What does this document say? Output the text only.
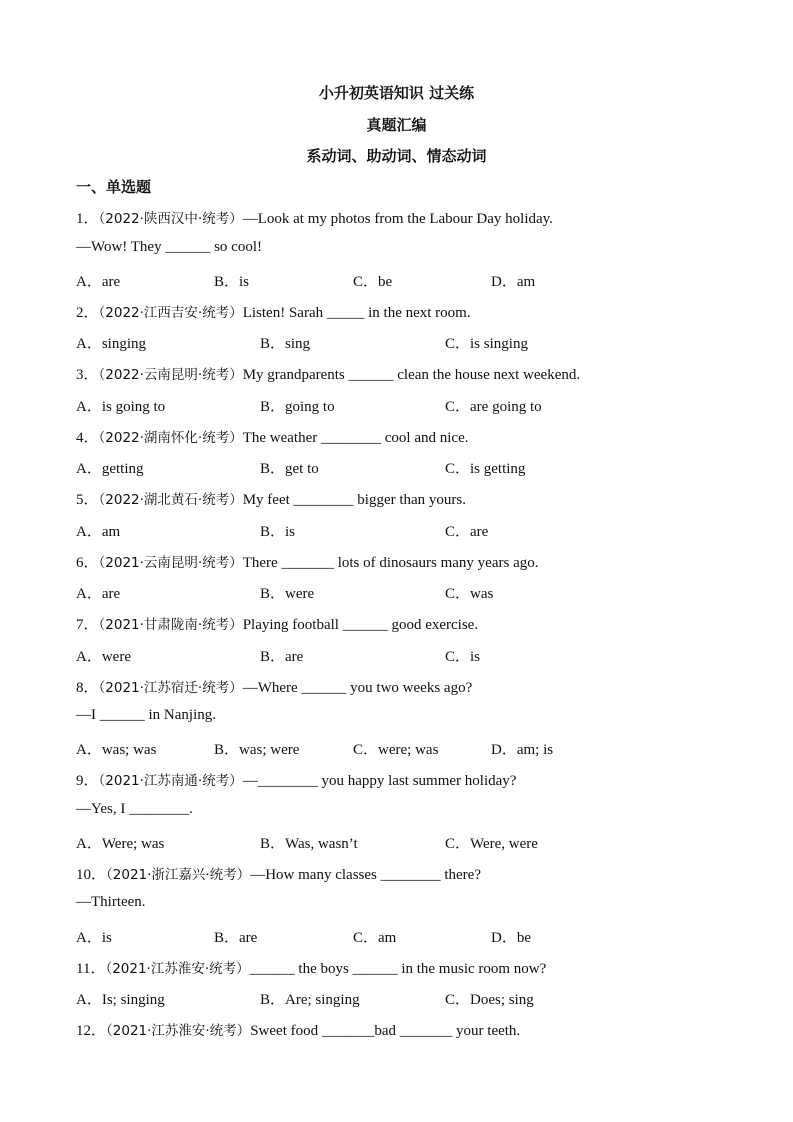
小升初英语知识 过关练
真题汇编
系动词、助动词、情态动词
一、单选题
1．（2022·陕西汉中·统考）—Look at my photos from the Labour Day holiday.
—Wow! They ______ so cool!
A．are	B．is	C．be	D．am
2．（2022·江西吉安·统考）Listen! Sarah _____ in the next room.
A．singing	B．sing	C．is singing
3．（2022·云南昆明·统考）My grandparents ______ clean the house next weekend.
A．is going to	B．going to	C．are going to
4．（2022·湖南怀化·统考）The weather ________ cool and nice.
A．getting	B．get to	C．is getting
5．（2022·湖北黄石·统考）My feet ________ bigger than yours.
A．am	B．is	C．are
6．（2021·云南昆明·统考）There _______ lots of dinosaurs many years ago.
A．are	B．were	C．was
7．（2021·甘肃陇南·统考）Playing football ______ good exercise.
A．were	B．are	C．is
8．（2021·江苏宿迁·统考）—Where ______ you two weeks ago?
—I ______ in Nanjing.
A．was; was	B．was; were	C．were; was	D．am; is
9．（2021·江苏南通·统考）—________ you happy last summer holiday?
—Yes, I ________.
A．Were; was	B．Was, wasn’t	C．Were, were
10．（2021·浙江嘉兴·统考）—How many classes ________ there?
—Thirteen.
A．is	B．are	C．am	D．be
11．（2021·江苏淮安·统考）______ the boys ______ in the music room now?
A．Is; singing	B．Are; singing	C．Does; sing
12．（2021·江苏淮安·统考）Sweet food _______bad _______ your teeth.
